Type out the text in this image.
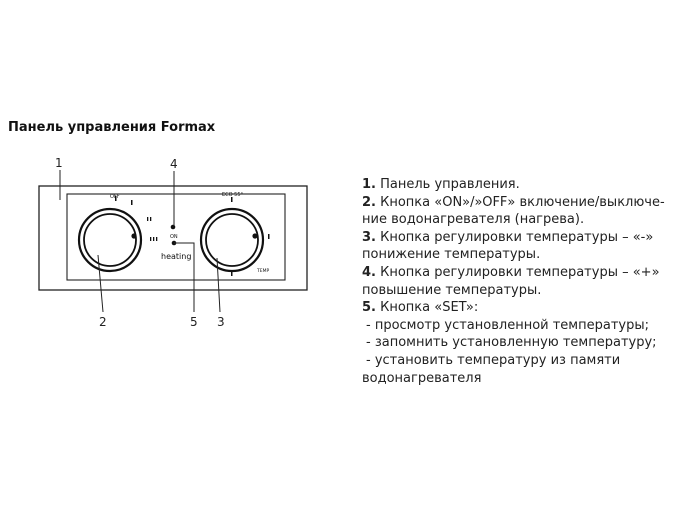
Панель управления Formax
OFF	ECO 55°
TEMP
ON
heating
1	4
2	5 3

1. Панель управления.

2. Кнопка «ON»/»OFF» включение/выключе-
ние водонагревателя (нагрева).

3. Кнопка регулировки температуры – «-»
понижение температуры.

4. Кнопка регулировки температуры – «+»
повышение температуры.

5. Кнопка «SET»:

- просмотр установленной температуры;

- запомнить установленную температуру;

- установить температуру из памяти

водонагревателя
